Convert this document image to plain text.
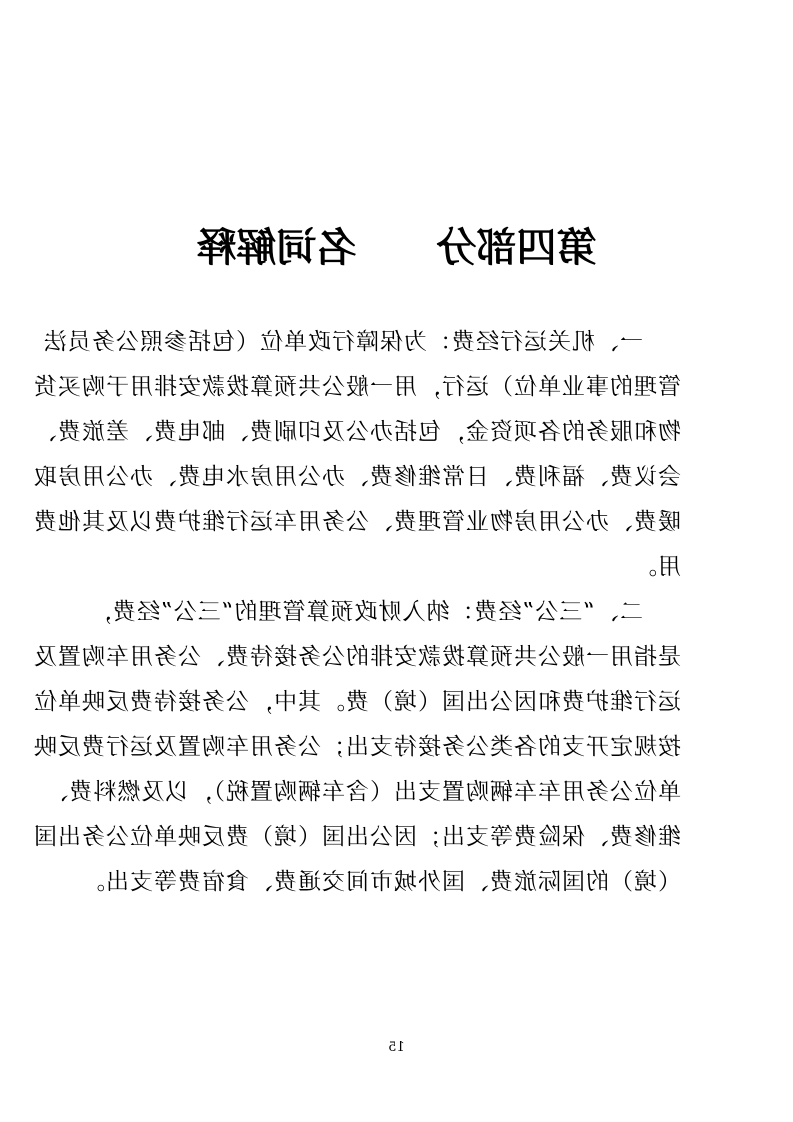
第四部分名词解释
一、机关运行经费：为保障行政单位（包括参照公务员法
管理的事业单位）运行，用一般公共预算拨款安排用于购买货
物和服务的各项资金，包括办公及印刷费、邮电费、差旅费、
会议费、福利费、日常维修费、办公用房水电费、办公用房取
暖费、办公用房物业管理费、公务用车运行维护费以及其他费
用。
二、“三公”经费：纳入财政预算管理的“三公”经费，
是指用一般公共预算拨款安排的公务接待费、公务用车购置及
运行维护费和因公出国（境）费。其中，公务接待费反映单位
按规定开支的各类公务接待支出；公务用车购置及运行费反映
单位公务用车车辆购置支出（含车辆购置税），以及燃料费、
维修费、保险费等支出；因公出国（境）费反映单位公务出国
（境）的国际旅费、国外城市间交通费、食宿费等支出。
15
